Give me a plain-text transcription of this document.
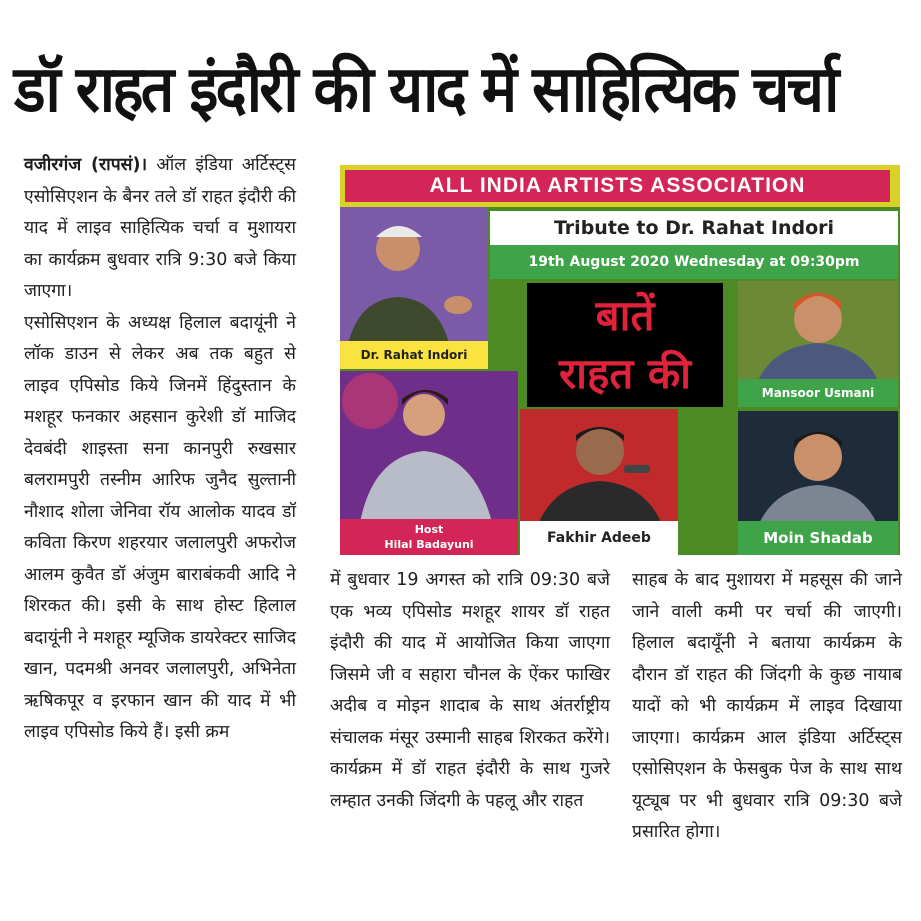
डॉ राहत इंदौरी की याद में साहित्यिक चर्चा

वजीरगंज (रापसं)। ऑल इंडिया अर्टिस्ट्स एसोसिएशन के बैनर तले डॉ राहत इंदौरी की याद में लाइव साहित्यिक चर्चा व मुशायरा का कार्यक्रम बुधवार रात्रि 9:30 बजे किया जाएगा।

एसोसिएशन के अध्यक्ष हिलाल बदायूंनी ने लॉक डाउन से लेकर अब तक बहुत से लाइव एपिसोड किये जिनमें हिंदुस्तान के मशहूर फनकार अहसान कुरेशी डॉ माजिद देवबंदी शाइस्ता सना कानपुरी रुखसार बलरामपुरी तस्नीम आरिफ जुनैद सुल्तानी नौशाद शोला जेनिवा रॉय आलोक यादव डॉ कविता किरण शहरयार जलालपुरी अफरोज आलम कुवैत डॉ अंजुम बाराबंकवी आदि ने शिरकत की। इसी के साथ होस्ट हिलाल बदायूंनी ने मशहूर म्यूजिक डायरेक्टर साजिद खान, पदमश्री अनवर जलालपुरी, अभिनेता ऋषिकपूर व इरफान खान की याद में भी लाइव एपिसोड किये हैं। इसी क्रम

ALL INDIA ARTISTS ASSOCIATION
Dr. Rahat Indori
Tribute to Dr. Rahat Indori
19th August 2020 Wednesday at 09:30pm
Host
Hilal Badayuni
बातें
राहत की
Fakhir Adeeb
Mansoor Usmani
Moin Shadab

में बुधवार 19 अगस्त को रात्रि 09:30 बजे एक भव्य एपिसोड मशहूर शायर डॉ राहत इंदौरी की याद में आयोजित किया जाएगा जिसमे जी व सहारा चौनल के ऐंकर फाखिर अदीब व मोइन शादाब के साथ अंतर्राष्ट्रीय संचालक मंसूर उस्मानी साहब शिरकत करेंगे। कार्यक्रम में डॉ राहत इंदौरी के साथ गुजरे लम्हात उनकी जिंदगी के पहलू और राहत

साहब के बाद मुशायरा में महसूस की जाने जाने वाली कमी पर चर्चा की जाएगी। हिलाल बदायूँनी ने बताया कार्यक्रम के दौरान डॉ राहत की जिंदगी के कुछ नायाब यादों को भी कार्यक्रम में लाइव दिखाया जाएगा। कार्यक्रम आल इंडिया अर्टिस्ट्स एसोसिएशन के फेसबुक पेज के साथ साथ यूट्यूब पर भी बुधवार रात्रि 09:30 बजे प्रसारित होगा।
